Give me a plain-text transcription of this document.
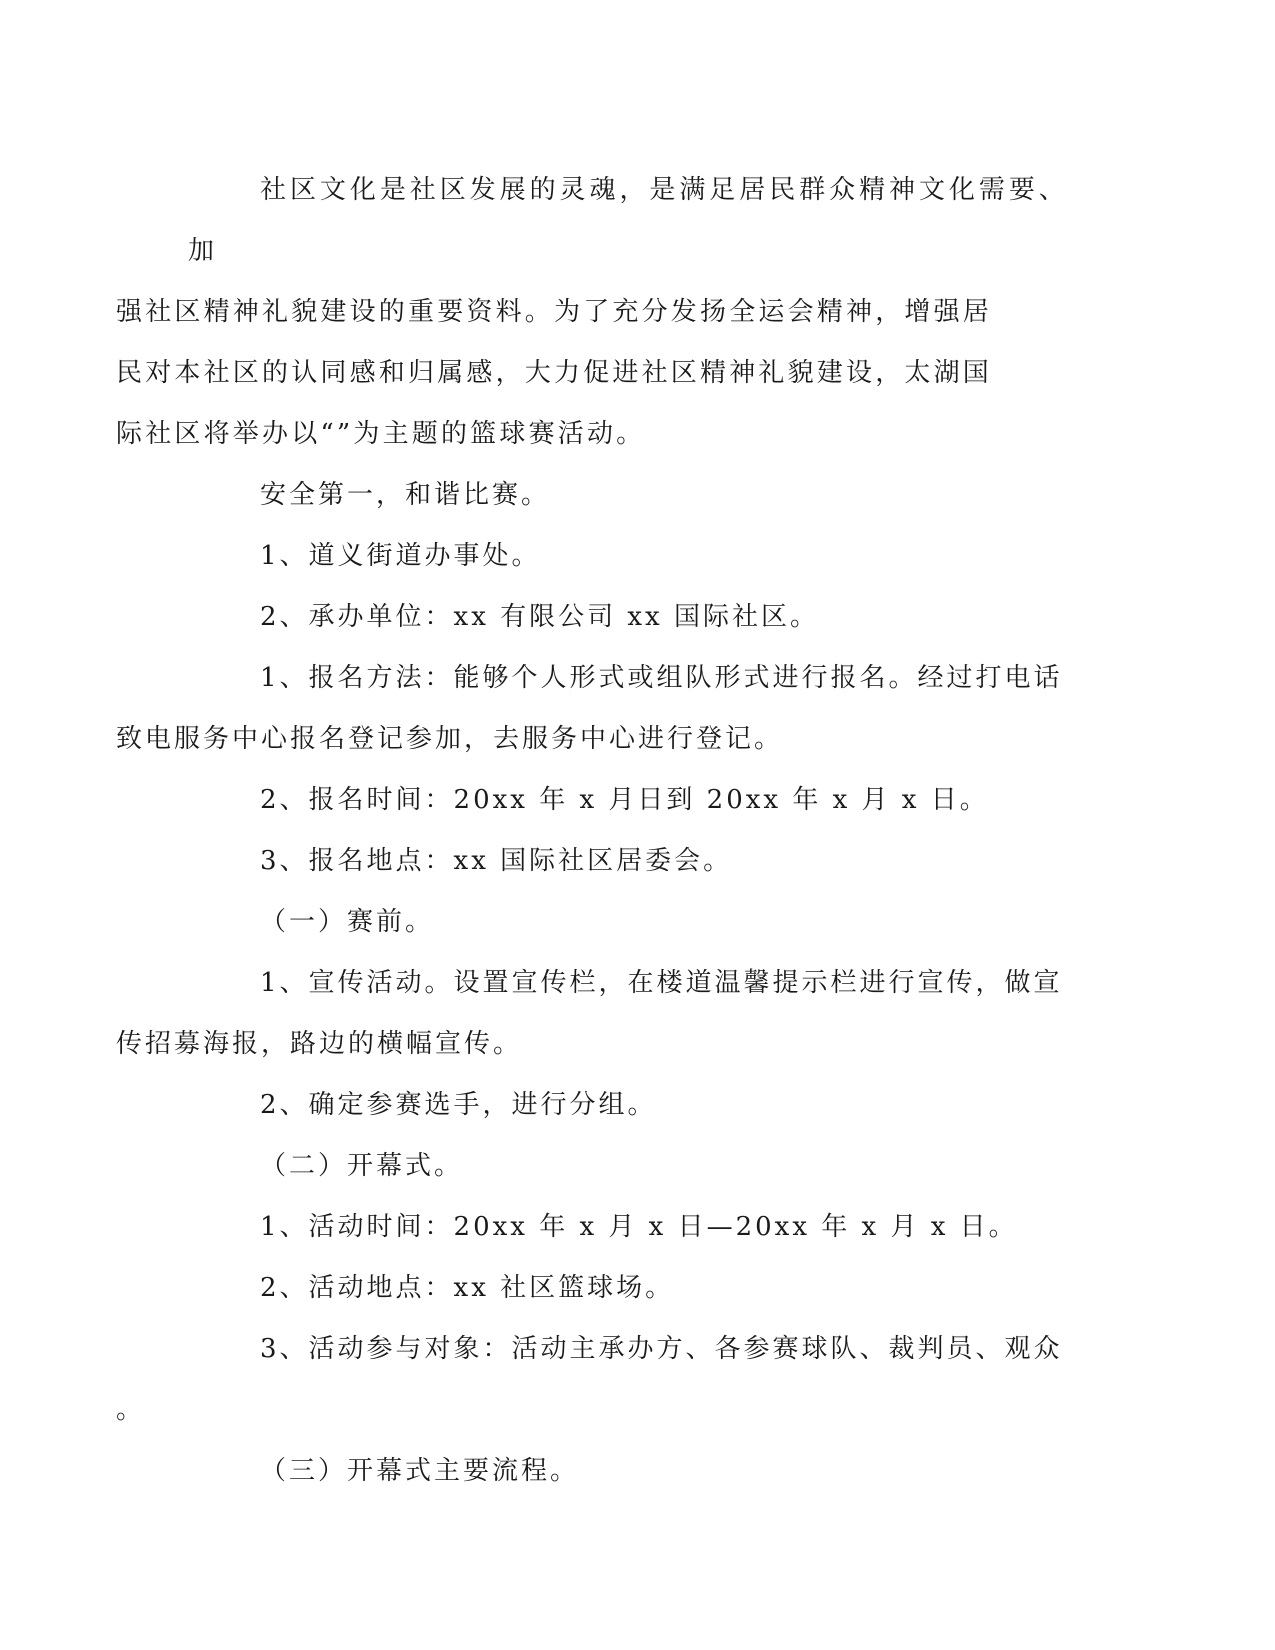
社区文化是社区发展的灵魂，是满足居民群众精神文化需要、加
强社区精神礼貌建设的重要资料。为了充分发扬全运会精神，增强居
民对本社区的认同感和归属感，大力促进社区精神礼貌建设，太湖国
际社区将举办以“”为主题的篮球赛活动。

安全第一，和谐比赛。

1、道义街道办事处。

2、承办单位：xx 有限公司 xx 国际社区。

1、报名方法：能够个人形式或组队形式进行报名。经过打电话
致电服务中心报名登记参加，去服务中心进行登记。

2、报名时间：20xx 年 x 月日到 20xx 年 x 月 x 日。

3、报名地点：xx 国际社区居委会。

（一）赛前。

1、宣传活动。设置宣传栏，在楼道温馨提示栏进行宣传，做宣
传招募海报，路边的横幅宣传。

2、确定参赛选手，进行分组。

（二）开幕式。

1、活动时间：20xx 年 x 月 x 日—20xx 年 x 月 x 日。

2、活动地点：xx 社区篮球场。

3、活动参与对象：活动主承办方、各参赛球队、裁判员、观众
。

（三）开幕式主要流程。
